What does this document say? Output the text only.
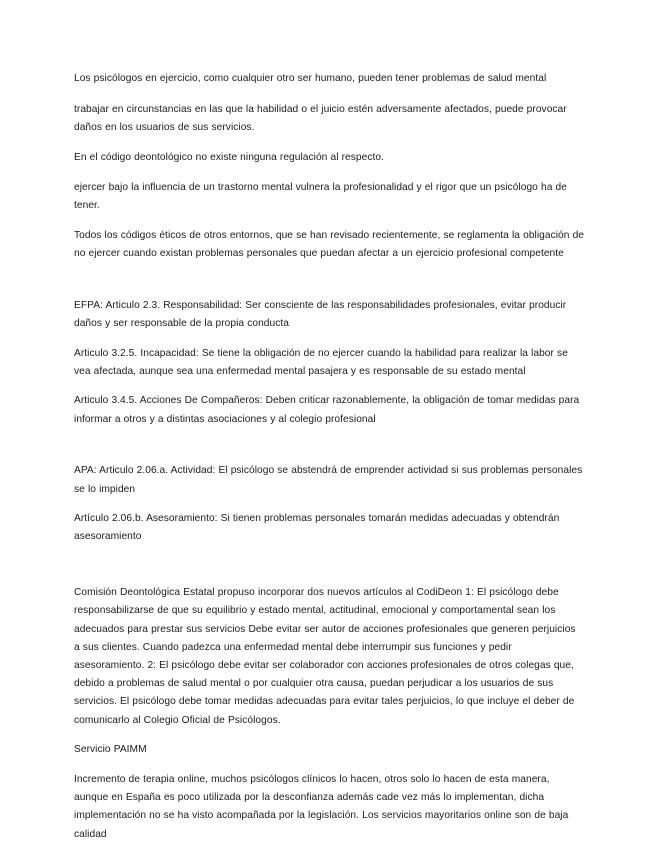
Los psicólogos en ejercicio, como cualquier otro ser humano, pueden tener problemas de salud mental

trabajar en circunstancias en las que la habilidad o el juicio estén adversamente afectados, puede provocar daños en los usuarios de sus servicios.

En el código deontológico no existe ninguna regulación al respecto.

ejercer bajo la influencia de un trastorno mental vulnera la profesionalidad y el rigor que un psicólogo ha de tener.

Todos los códigos éticos de otros entornos, que se han revisado recientemente, se reglamenta la obligación de no ejercer cuando existan problemas personales que puedan afectar a un ejercicio profesional competente

EFPA: Articulo 2.3. Responsabilidad: Ser consciente de las responsabilidades profesionales, evitar producir daños y ser responsable de la propia conducta

Articulo 3.2.5. Incapacidad: Se tiene la obligación de no ejercer cuando la habilidad para realizar la labor se vea afectada, aunque sea una enfermedad mental pasajera y es responsable de su estado mental

Articulo 3.4.5. Acciones De Compañeros: Deben criticar razonablemente, la obligación de tomar medidas para informar a otros y a distintas asociaciones y al colegio profesional

APA: Articulo 2.06.a. Actividad: El psicólogo se abstendrá de emprender actividad si sus problemas personales se lo impiden

Artículo 2.06.b. Asesoramiento: Si tienen problemas personales tomarán medidas adecuadas y obtendrán asesoramiento

Comisión Deontológica Estatal propuso incorporar dos nuevos artículos al CodiDeon 1: El psicólogo debe responsabilizarse de que su equilibrio y estado mental, actitudinal, emocional y comportamental sean los adecuados para prestar sus servicios Debe evitar ser autor de acciones profesionales que generen perjuicios a sus clientes. Cuando padezca una enfermedad mental debe interrumpir sus funciones y pedir asesoramiento. 2: El psicólogo debe evitar ser colaborador con acciones profesionales de otros colegas que, debido a problemas de salud mental o por cualquier otra causa, puedan perjudicar a los usuarios de sus servicios. El psicólogo debe tomar medidas adecuadas para evitar tales perjuicios, lo que incluye el deber de comunicarlo al Colegio Oficial de Psicólogos.

Servicio PAIMM

Incremento de terapia online, muchos psicólogos clínicos lo hacen, otros solo lo hacen de esta manera, aunque en España es poco utilizada por la desconfianza además cade vez más lo implementan, dicha implementación no se ha visto acompañada por la legislación. Los servicios mayoritarios online son de baja calidad
